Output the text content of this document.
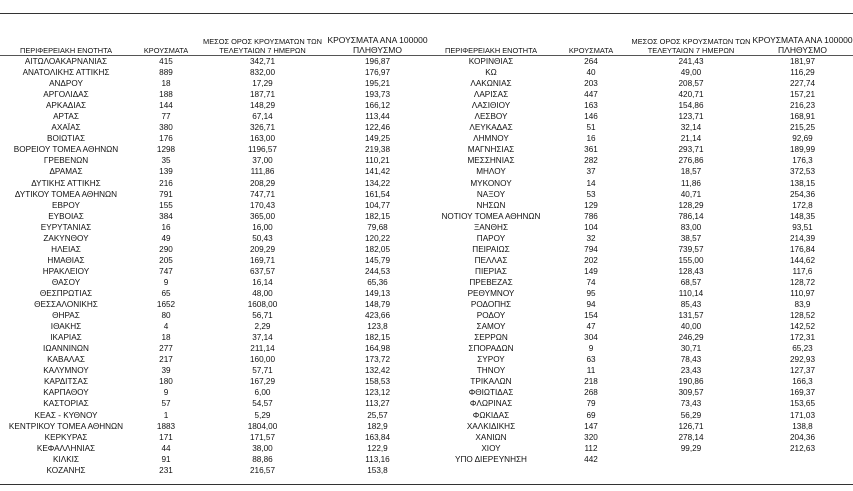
ΠΕΡΙΦΕΡΕΙΑΚΗ ΕΝΟΤΗΤΑ	ΚΡΟΥΣΜΑΤΑ	ΜΕΣΟΣ ΟΡΟΣ ΚΡΟΥΣΜΑΤΩΝ ΤΩΝ ΤΕΛΕΥΤΑΙΩΝ 7 ΗΜΕΡΩΝ	ΚΡΟΥΣΜΑΤΑ ΑΝΑ 100000 ΠΛΗΘΥΣΜΟ
ΑΙΤΩΛΟΑΚΑΡΝΑΝΙΑΣ	415	342,71	196,87
ΑΝΑΤΟΛΙΚΗΣ ΑΤΤΙΚΗΣ	889	832,00	176,97
ΑΝΔΡΟΥ	18	17,29	195,21
ΑΡΓΟΛΙΔΑΣ	188	187,71	193,73
ΑΡΚΑΔΙΑΣ	144	148,29	166,12
ΑΡΤΑΣ	77	67,14	113,44
ΑΧΑΪΑΣ	380	326,71	122,46
ΒΟΙΩΤΙΑΣ	176	163,00	149,25
ΒΟΡΕΙΟΥ ΤΟΜΕΑ ΑΘΗΝΩΝ	1298	1196,57	219,38
ΓΡΕΒΕΝΩΝ	35	37,00	110,21
ΔΡΑΜΑΣ	139	111,86	141,42
ΔΥΤΙΚΗΣ ΑΤΤΙΚΗΣ	216	208,29	134,22
ΔΥΤΙΚΟΥ ΤΟΜΕΑ ΑΘΗΝΩΝ	791	747,71	161,54
ΕΒΡΟΥ	155	170,43	104,77
ΕΥΒΟΙΑΣ	384	365,00	182,15
ΕΥΡΥΤΑΝΙΑΣ	16	16,00	79,68
ΖΑΚΥΝΘΟΥ	49	50,43	120,22
ΗΛΕΙΑΣ	290	209,29	182,05
ΗΜΑΘΙΑΣ	205	169,71	145,79
ΗΡΑΚΛΕΙΟΥ	747	637,57	244,53
ΘΑΣΟΥ	9	16,14	65,36
ΘΕΣΠΡΩΤΙΑΣ	65	48,00	149,13
ΘΕΣΣΑΛΟΝΙΚΗΣ	1652	1608,00	148,79
ΘΗΡΑΣ	80	56,71	423,66
ΙΘΑΚΗΣ	4	2,29	123,8
ΙΚΑΡΙΑΣ	18	37,14	182,15
ΙΩΑΝΝΙΝΩΝ	277	211,14	164,98
ΚΑΒΑΛΑΣ	217	160,00	173,72
ΚΑΛΥΜΝΟΥ	39	57,71	132,42
ΚΑΡΔΙΤΣΑΣ	180	167,29	158,53
ΚΑΡΠΑΘΟΥ	9	6,00	123,12
ΚΑΣΤΟΡΙΑΣ	57	54,57	113,27
ΚΕΑΣ - ΚΥΘΝΟΥ	1	5,29	25,57
ΚΕΝΤΡΙΚΟΥ ΤΟΜΕΑ ΑΘΗΝΩΝ	1883	1804,00	182,9
ΚΕΡΚΥΡΑΣ	171	171,57	163,84
ΚΕΦΑΛΛΗΝΙΑΣ	44	38,00	122,9
ΚΙΛΚΙΣ	91	88,86	113,16
ΚΟΖΑΝΗΣ	231	216,57	153,8
ΠΕΡΙΦΕΡΕΙΑΚΗ ΕΝΟΤΗΤΑ	ΚΡΟΥΣΜΑΤΑ	ΜΕΣΟΣ ΟΡΟΣ ΚΡΟΥΣΜΑΤΩΝ ΤΩΝ ΤΕΛΕΥΤΑΙΩΝ 7 ΗΜΕΡΩΝ	ΚΡΟΥΣΜΑΤΑ ΑΝΑ 100000 ΠΛΗΘΥΣΜΟ
ΚΟΡΙΝΘΙΑΣ	264	241,43	181,97
ΚΩ	40	49,00	116,29
ΛΑΚΩΝΙΑΣ	203	208,57	227,74
ΛΑΡΙΣΑΣ	447	420,71	157,21
ΛΑΣΙΘΙΟΥ	163	154,86	216,23
ΛΕΣΒΟΥ	146	123,71	168,91
ΛΕΥΚΑΔΑΣ	51	32,14	215,25
ΛΗΜΝΟΥ	16	21,14	92,69
ΜΑΓΝΗΣΙΑΣ	361	293,71	189,99
ΜΕΣΣΗΝΙΑΣ	282	276,86	176,3
ΜΗΛΟΥ	37	18,57	372,53
ΜΥΚΟΝΟΥ	14	11,86	138,15
ΝΑΞΟΥ	53	40,71	254,36
ΝΗΣΩΝ	129	128,29	172,8
ΝΟΤΙΟΥ ΤΟΜΕΑ ΑΘΗΝΩΝ	786	786,14	148,35
ΞΑΝΘΗΣ	104	83,00	93,51
ΠΑΡΟΥ	32	38,57	214,39
ΠΕΙΡΑΙΩΣ	794	739,57	176,84
ΠΕΛΛΑΣ	202	155,00	144,62
ΠΙΕΡΙΑΣ	149	128,43	117,6
ΠΡΕΒΕΖΑΣ	74	68,57	128,72
ΡΕΘΥΜΝΟΥ	95	110,14	110,97
ΡΟΔΟΠΗΣ	94	85,43	83,9
ΡΟΔΟΥ	154	131,57	128,52
ΣΑΜΟΥ	47	40,00	142,52
ΣΕΡΡΩΝ	304	246,29	172,31
ΣΠΟΡΑΔΩΝ	9	30,71	65,23
ΣΥΡΟΥ	63	78,43	292,93
ΤΗΝΟΥ	11	23,43	127,37
ΤΡΙΚΑΛΩΝ	218	190,86	166,3
ΦΘΙΩΤΙΔΑΣ	268	309,57	169,37
ΦΛΩΡΙΝΑΣ	79	73,43	153,65
ΦΩΚΙΔΑΣ	69	56,29	171,03
ΧΑΛΚΙΔΙΚΗΣ	147	126,71	138,8
ΧΑΝΙΩΝ	320	278,14	204,36
ΧΙΟΥ	112	99,29	212,63
ΥΠΟ ΔΙΕΡΕΥΝΗΣΗ	442		
